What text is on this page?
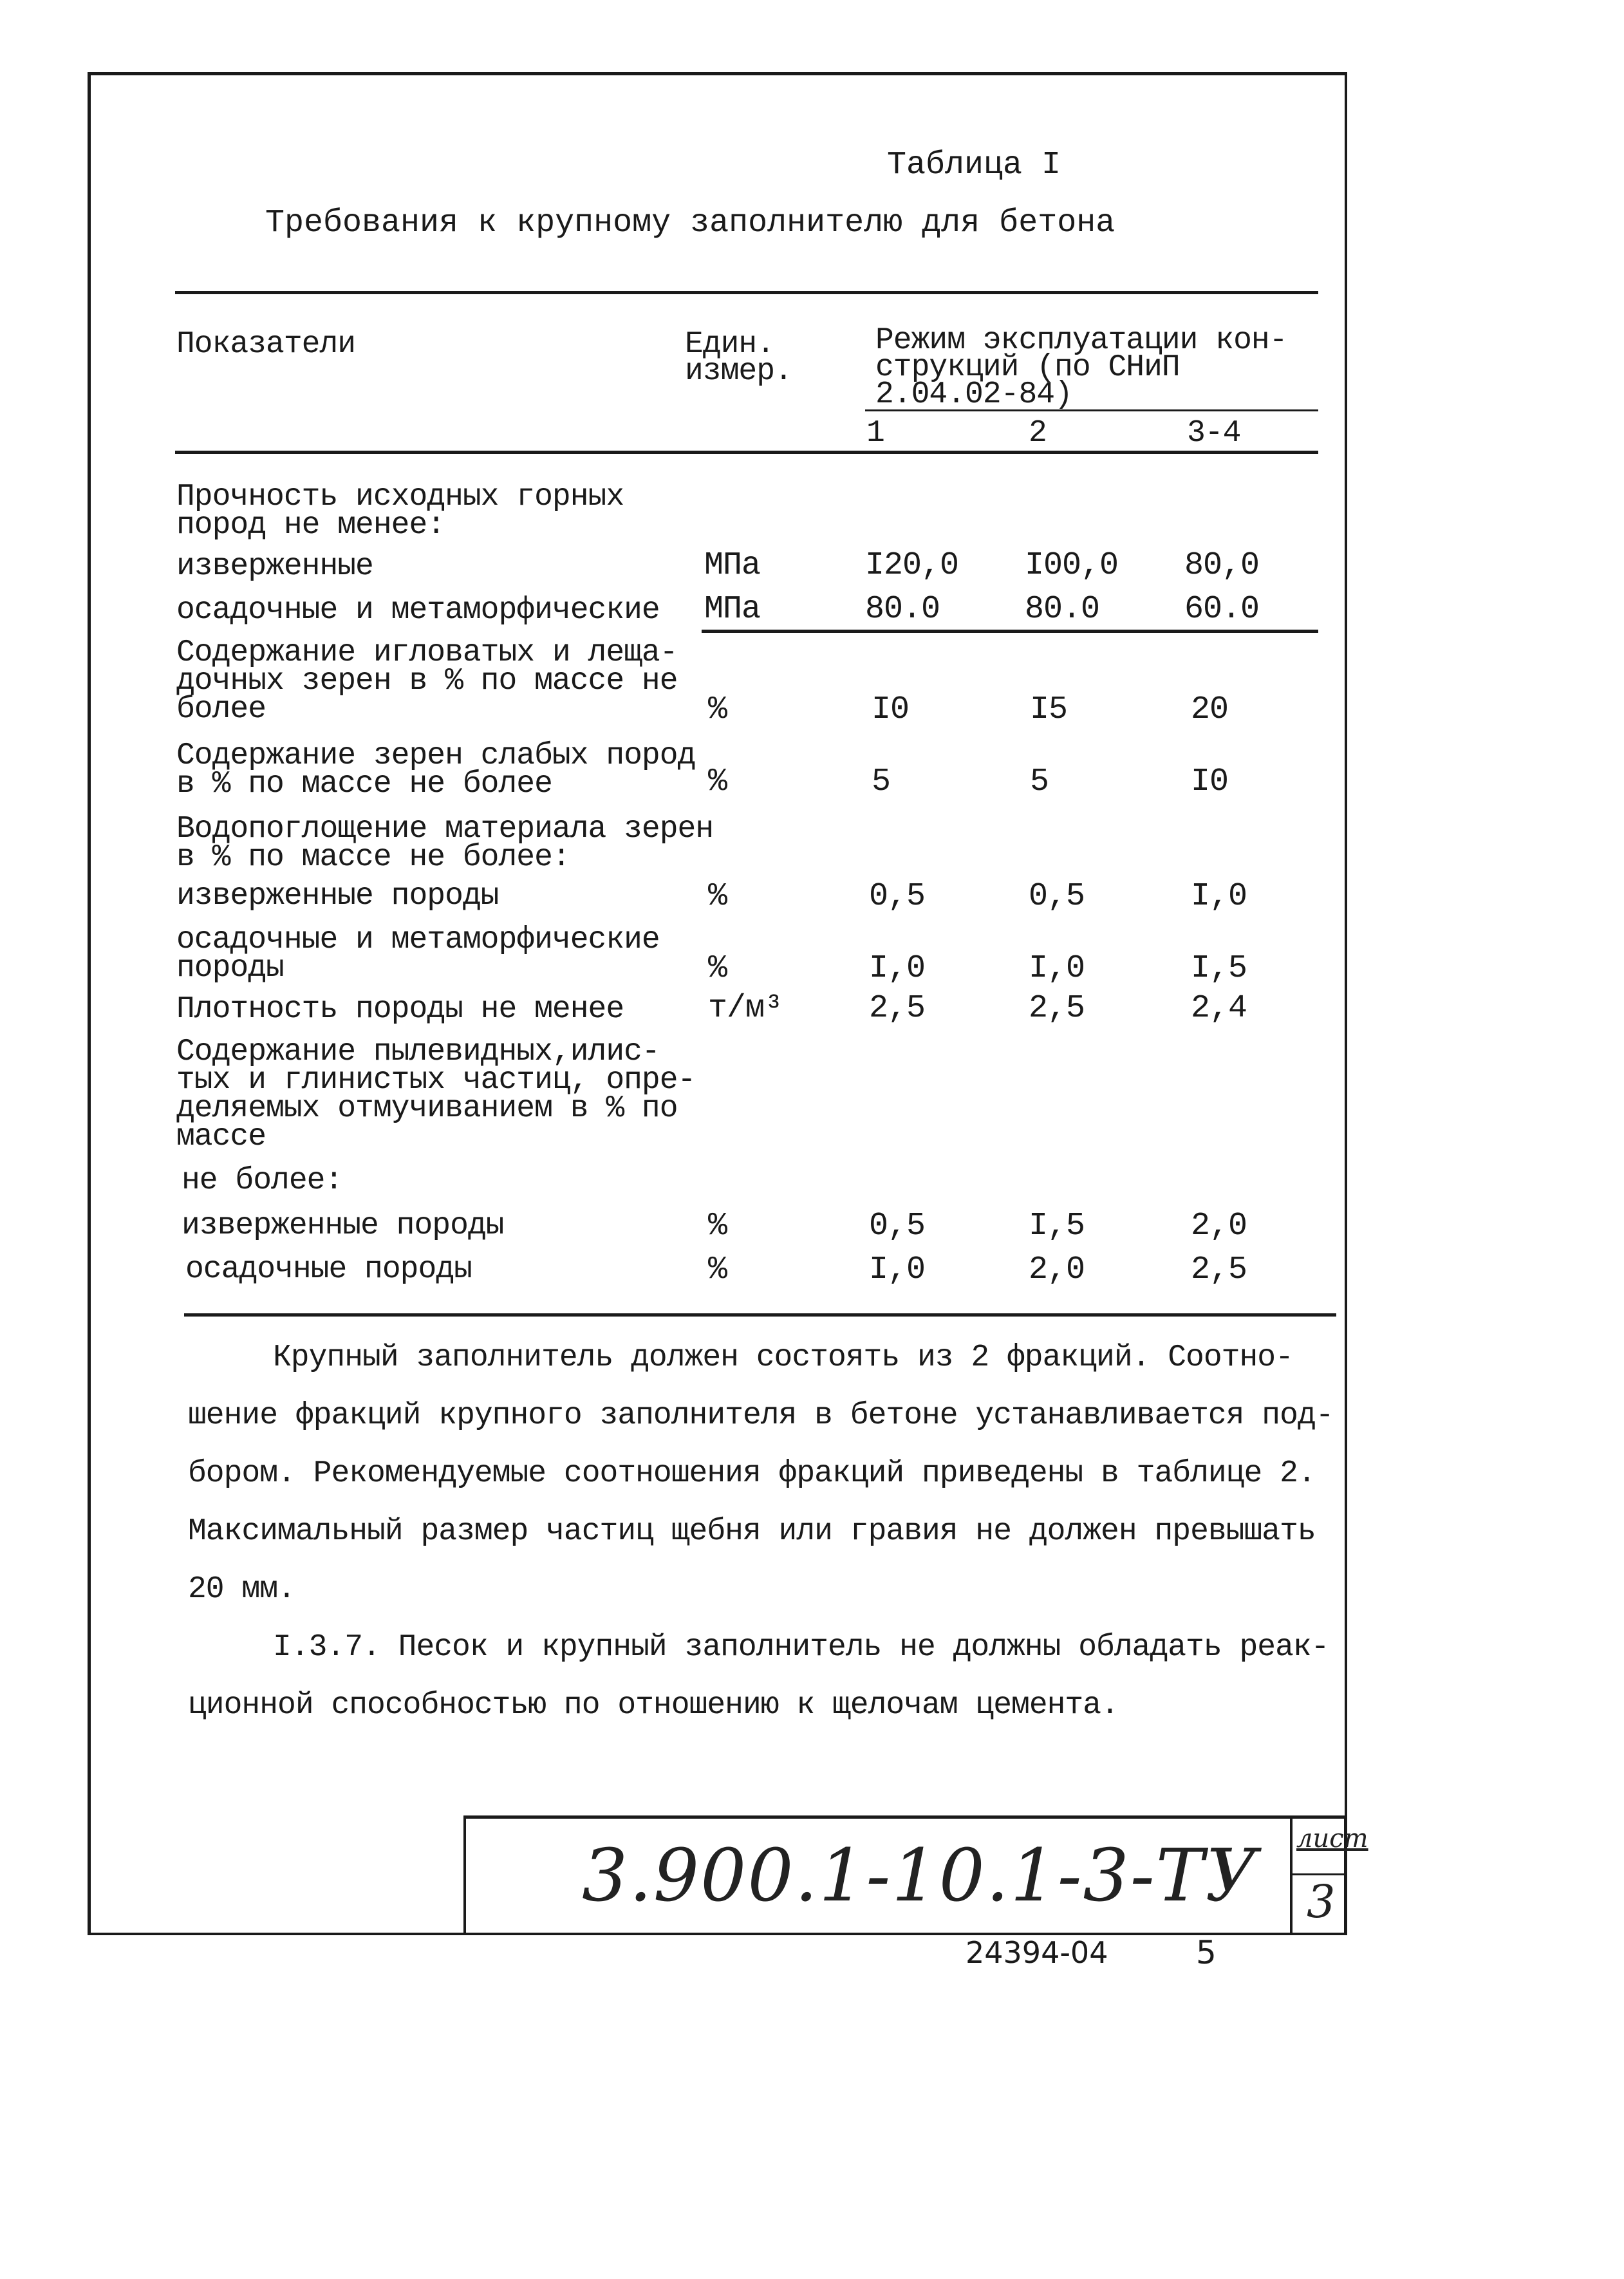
Таблица I
Требования к крупному заполнителю для бетона
Показатели	Един.
измер.
Режим эксплуатации кон-
струкций (по СНиП
2.04.02-84)
1	2	3-4
Прочность исходных горных
пород не менее:
изверженные	МПа	I20,0 I00,0 80,0
осадочные и метаморфические МПа	80.0	80.0	60.0
Содержание игловатых и леща-
дочных зерен в % по массе не
более	%	I0	I5	20
Содержание зерен слабых пород
в % по массе не более	%	5	5	I0
Водопоглощение материала зерен
в % по массе не более:
изверженные породы	%	0,5	0,5	I,0
осадочные и метаморфические
породы	%	I,0	I,0	I,5
Плотность породы не менее	т/м³	2,5	2,5	2,4
Содержание пылевидных,илис-
тых и глинистых частиц, опре-
деляемых отмучиванием в % по
массе
не более:
изверженные породы	%	0,5	I,5	2,0
осадочные породы	%	I,0	2,0	2,5
Крупный заполнитель должен состоять из 2 фракций. Соотно-
шение фракций крупного заполнителя в бетоне устанавливается под-
бором. Рекомендуемые соотношения фракций приведены в таблице 2.
Максимальный размер частиц щебня или гравия не должен превышать
20 мм.
I.3.7. Песок и крупный заполнитель не должны обладать реак-
ционной способностью по отношению к щелочам цемента.
3.900.1-10.1-3-ТУ лист
3
24394-04	5
